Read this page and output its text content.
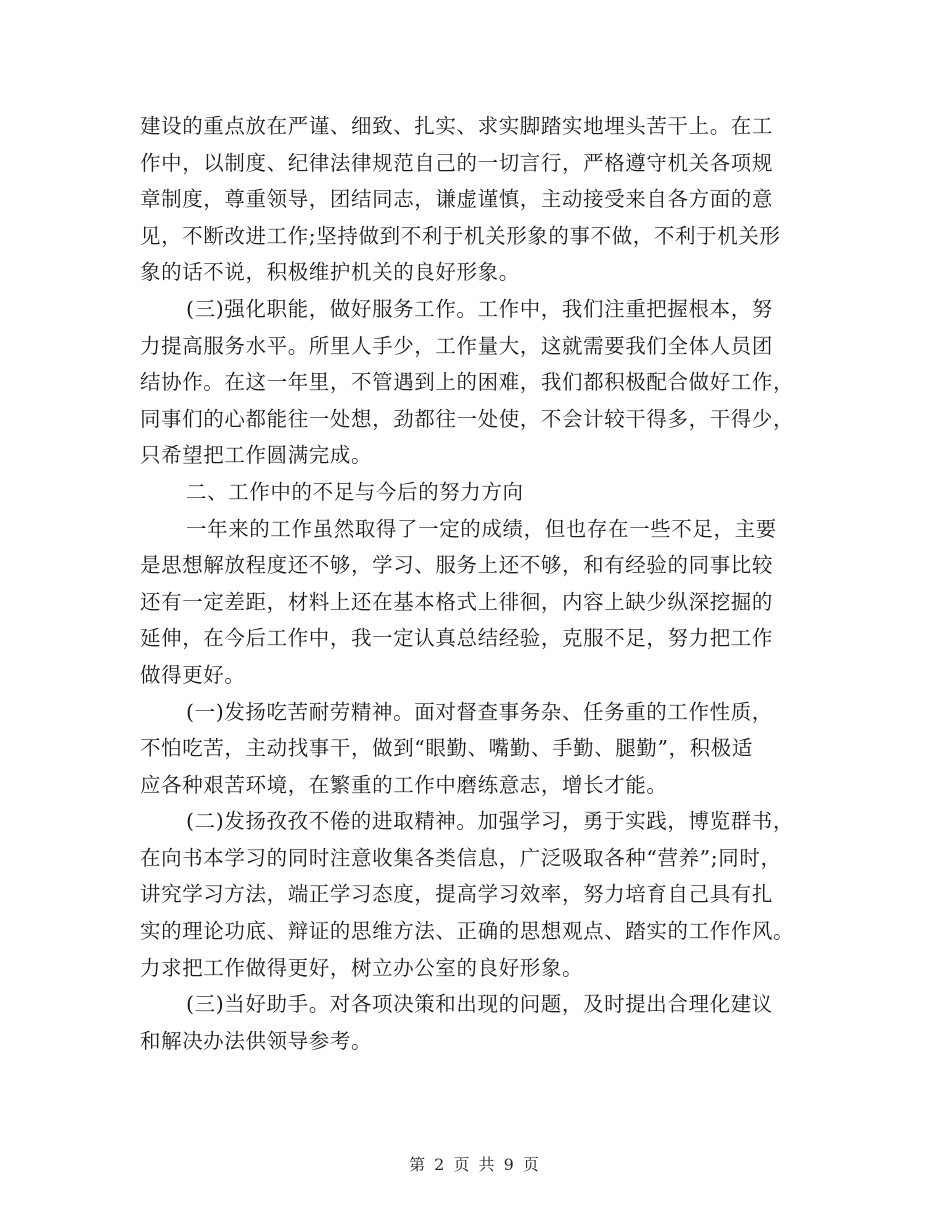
建设的重点放在严谨、细致、扎实、求实脚踏实地埋头苦干上。在工
作中，以制度、纪律法律规范自己的一切言行，严格遵守机关各项规
章制度，尊重领导，团结同志，谦虚谨慎，主动接受来自各方面的意
见，不断改进工作;坚持做到不利于机关形象的事不做，不利于机关形
象的话不说，积极维护机关的良好形象。
(三)强化职能，做好服务工作。工作中，我们注重把握根本，努
力提高服务水平。所里人手少，工作量大，这就需要我们全体人员团
结协作。在这一年里，不管遇到上的困难，我们都积极配合做好工作，
同事们的心都能往一处想，劲都往一处使，不会计较干得多，干得少，
只希望把工作圆满完成。
二、工作中的不足与今后的努力方向
一年来的工作虽然取得了一定的成绩，但也存在一些不足，主要
是思想解放程度还不够，学习、服务上还不够，和有经验的同事比较
还有一定差距，材料上还在基本格式上徘徊，内容上缺少纵深挖掘的
延伸，在今后工作中，我一定认真总结经验，克服不足，努力把工作
做得更好。
(一)发扬吃苦耐劳精神。面对督查事务杂、任务重的工作性质，
不怕吃苦，主动找事干，做到“眼勤、嘴勤、手勤、腿勤”，积极适
应各种艰苦环境，在繁重的工作中磨练意志，增长才能。
(二)发扬孜孜不倦的进取精神。加强学习，勇于实践，博览群书，
在向书本学习的同时注意收集各类信息，广泛吸取各种“营养”;同时，
讲究学习方法，端正学习态度，提高学习效率，努力培育自己具有扎
实的理论功底、辩证的思维方法、正确的思想观点、踏实的工作作风。
力求把工作做得更好，树立办公室的良好形象。
(三)当好助手。对各项决策和出现的问题，及时提出合理化建议
和解决办法供领导参考。
第 2 页 共 9 页
